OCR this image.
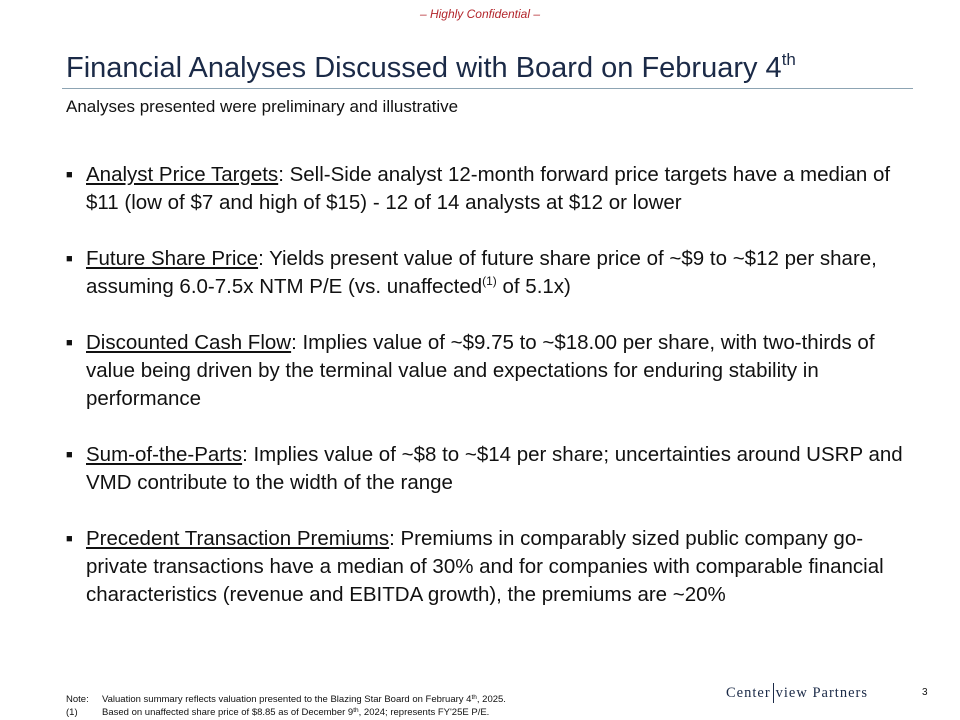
– Highly Confidential –
Financial Analyses Discussed with Board on February 4th
Analyses presented were preliminary and illustrative
■ Analyst Price Targets: Sell-Side analyst 12-month forward price targets have a median of $11 (low of $7 and high of $15) - 12 of 14 analysts at $12 or lower
■ Future Share Price: Yields present value of future share price of ~$9 to ~$12 per share, assuming 6.0-7.5x NTM P/E (vs. unaffected$^{(1)}$ of 5.1x)
■ Discounted Cash Flow: Implies value of ~$9.75 to ~$18.00 per share, with two-thirds of value being driven by the terminal value and expectations for enduring stability in performance
■ Sum-of-the-Parts: Implies value of ~$8 to ~$14 per share; uncertainties around USRP and VMD contribute to the width of the range
■ Precedent Transaction Premiums: Premiums in comparably sized public company go-private transactions have a median of 30% and for companies with comparable financial characteristics (revenue and EBITDA growth), the premiums are ~20%
Note: Valuation summary reflects valuation presented to the Blazing Star Board on February 4th, 2025.
(1)	Based on unaffected share price of $8.85 as of December 9th, 2024; represents FY'25E P/E.
Center view Partners	3
